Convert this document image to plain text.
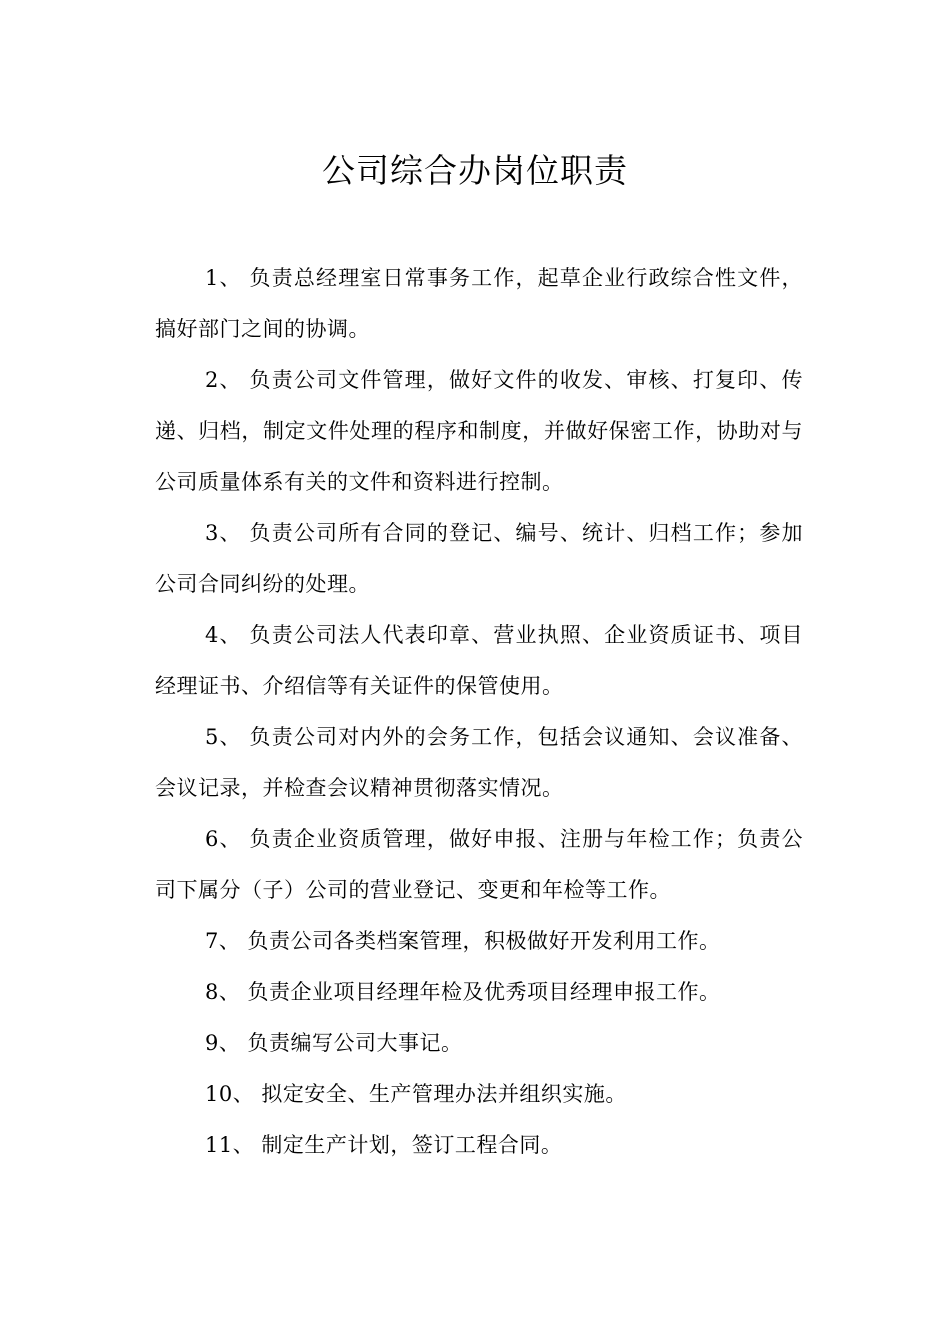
公司综合办岗位职责

1、 负责总经理室日常事务工作，起草企业行政综合性文件，搞好部门之间的协调。

2、 负责公司文件管理，做好文件的收发、审核、打复印、传递、归档，制定文件处理的程序和制度，并做好保密工作，协助对与公司质量体系有关的文件和资料进行控制。

3、 负责公司所有合同的登记、编号、统计、归档工作；参加公司合同纠纷的处理。

4、 负责公司法人代表印章、营业执照、企业资质证书、项目经理证书、介绍信等有关证件的保管使用。

5、 负责公司对内外的会务工作，包括会议通知、会议准备、会议记录，并检查会议精神贯彻落实情况。

6、 负责企业资质管理，做好申报、注册与年检工作；负责公司下属分（子）公司的营业登记、变更和年检等工作。

7、 负责公司各类档案管理，积极做好开发利用工作。

8、 负责企业项目经理年检及优秀项目经理申报工作。

9、 负责编写公司大事记。

10、 拟定安全、生产管理办法并组织实施。

11、 制定生产计划，签订工程合同。
